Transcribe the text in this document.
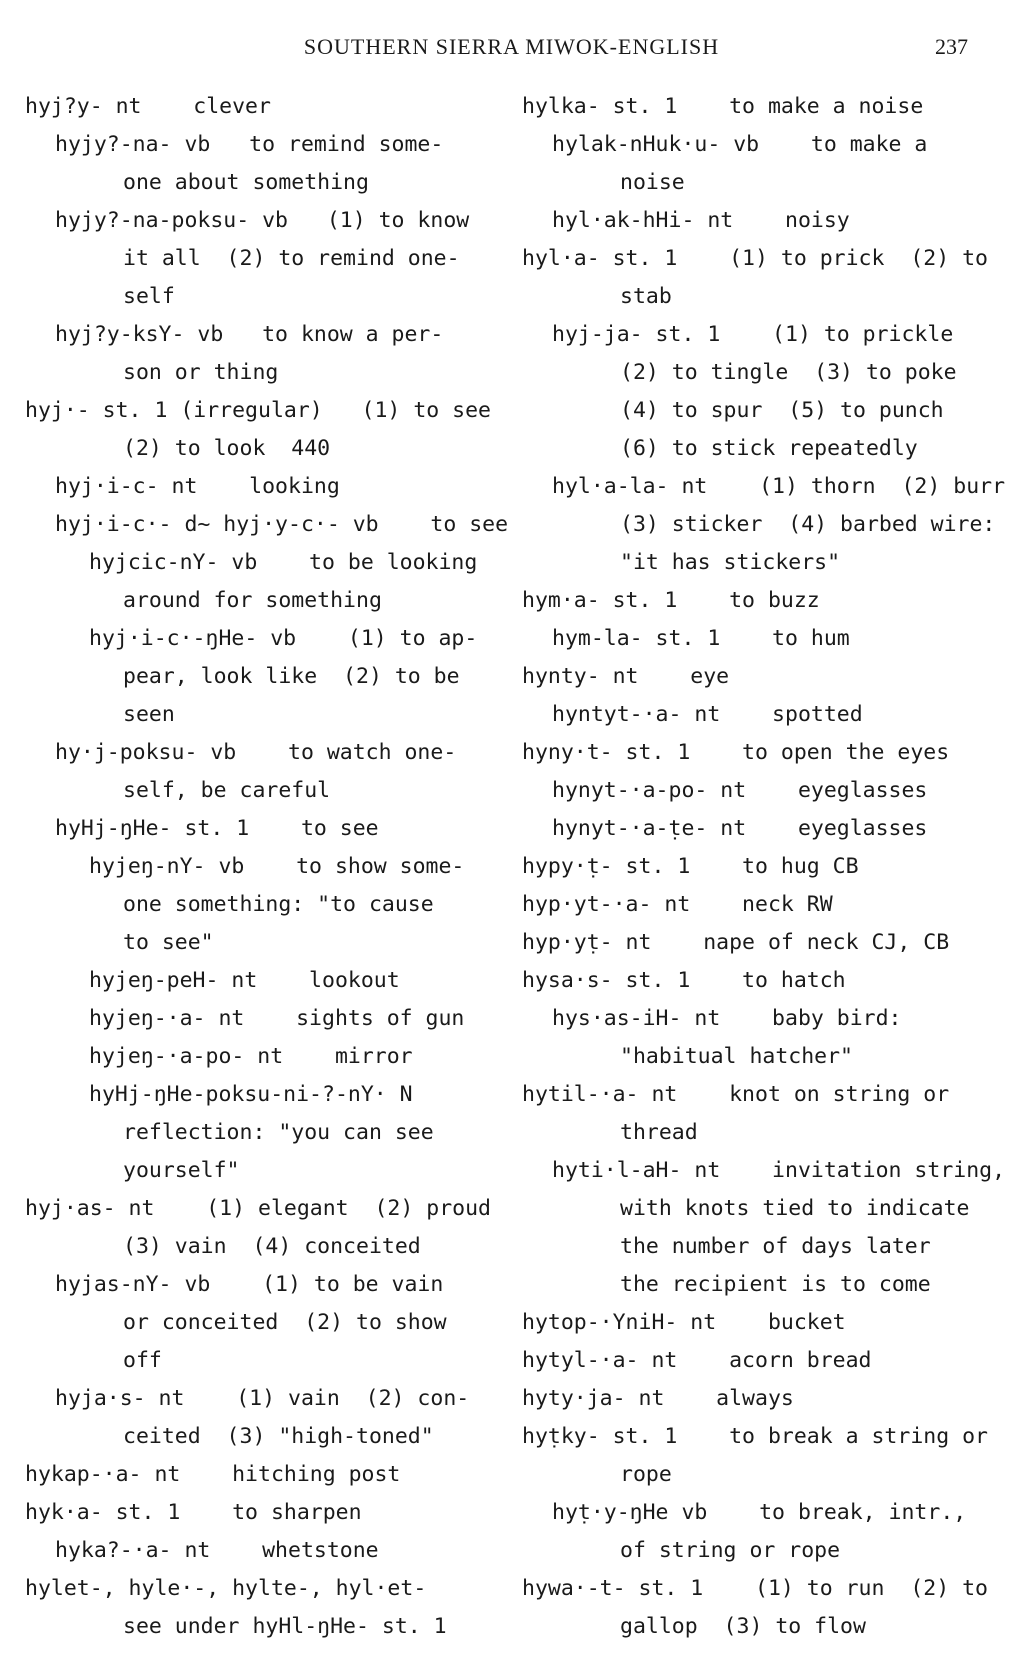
SOUTHERN SIERRA MIWOK-ENGLISH	237
hyj?y- nt    clever
hyjy?-na- vb   to remind some-
one about something
hyjy?-na-poksu- vb   (1) to know
it all  (2) to remind one-
self
hyj?y-ksY- vb   to know a per-
son or thing
hyj·- st. 1 (irregular)   (1) to see
(2) to look  440
hyj·i-c- nt    looking
hyj·i-c·- d~ hyj·y-c·- vb    to see
hyjcic-nY- vb    to be looking
around for something
hyj·i-c·-ŋHe- vb    (1) to ap-
pear, look like  (2) to be
seen
hy·j-poksu- vb    to watch one-
self, be careful
hyHj-ŋHe- st. 1    to see
hyjeŋ-nY- vb    to show some-
one something: "to cause
to see"
hyjeŋ-peH- nt    lookout
hyjeŋ-·a- nt    sights of gun
hyjeŋ-·a-po- nt    mirror
hyHj-ŋHe-poksu-ni-?-nY· N
reflection: "you can see
yourself"
hyj·as- nt    (1) elegant  (2) proud
(3) vain  (4) conceited
hyjas-nY- vb    (1) to be vain
or conceited  (2) to show
off
hyja·s- nt    (1) vain  (2) con-
ceited  (3) "high-toned"
hykap-·a- nt    hitching post
hyk·a- st. 1    to sharpen
hyka?-·a- nt    whetstone
hylet-, hyle·-, hylte-, hyl·et-
see under hyHl-ŋHe- st. 1
hylka- st. 1    to make a noise
hylak-nHuk·u- vb    to make a
noise
hyl·ak-hHi- nt    noisy
hyl·a- st. 1    (1) to prick  (2) to
stab
hyj-ja- st. 1    (1) to prickle
(2) to tingle  (3) to poke
(4) to spur  (5) to punch
(6) to stick repeatedly
hyl·a-la- nt    (1) thorn  (2) burr
(3) sticker  (4) barbed wire:
"it has stickers"
hym·a- st. 1    to buzz
hym-la- st. 1    to hum
hynty- nt    eye
hyntyt-·a- nt    spotted
hyny·t- st. 1    to open the eyes
hynyt-·a-po- nt    eyeglasses
hynyt-·a-ṭe- nt    eyeglasses
hypy·ṭ- st. 1    to hug CB
hyp·yt-·a- nt    neck RW
hyp·yṭ- nt    nape of neck CJ, CB
hysa·s- st. 1    to hatch
hys·as-iH- nt    baby bird:
"habitual hatcher"
hytil-·a- nt    knot on string or
thread
hyti·l-aH- nt    invitation string,
with knots tied to indicate
the number of days later
the recipient is to come
hytop-·YniH- nt    bucket
hytyl-·a- nt    acorn bread
hyty·ja- nt    always
hyṭky- st. 1    to break a string or
rope
hyṭ·y-ŋHe vb    to break, intr.,
of string or rope
hywa·-t- st. 1    (1) to run  (2) to
gallop  (3) to flow
